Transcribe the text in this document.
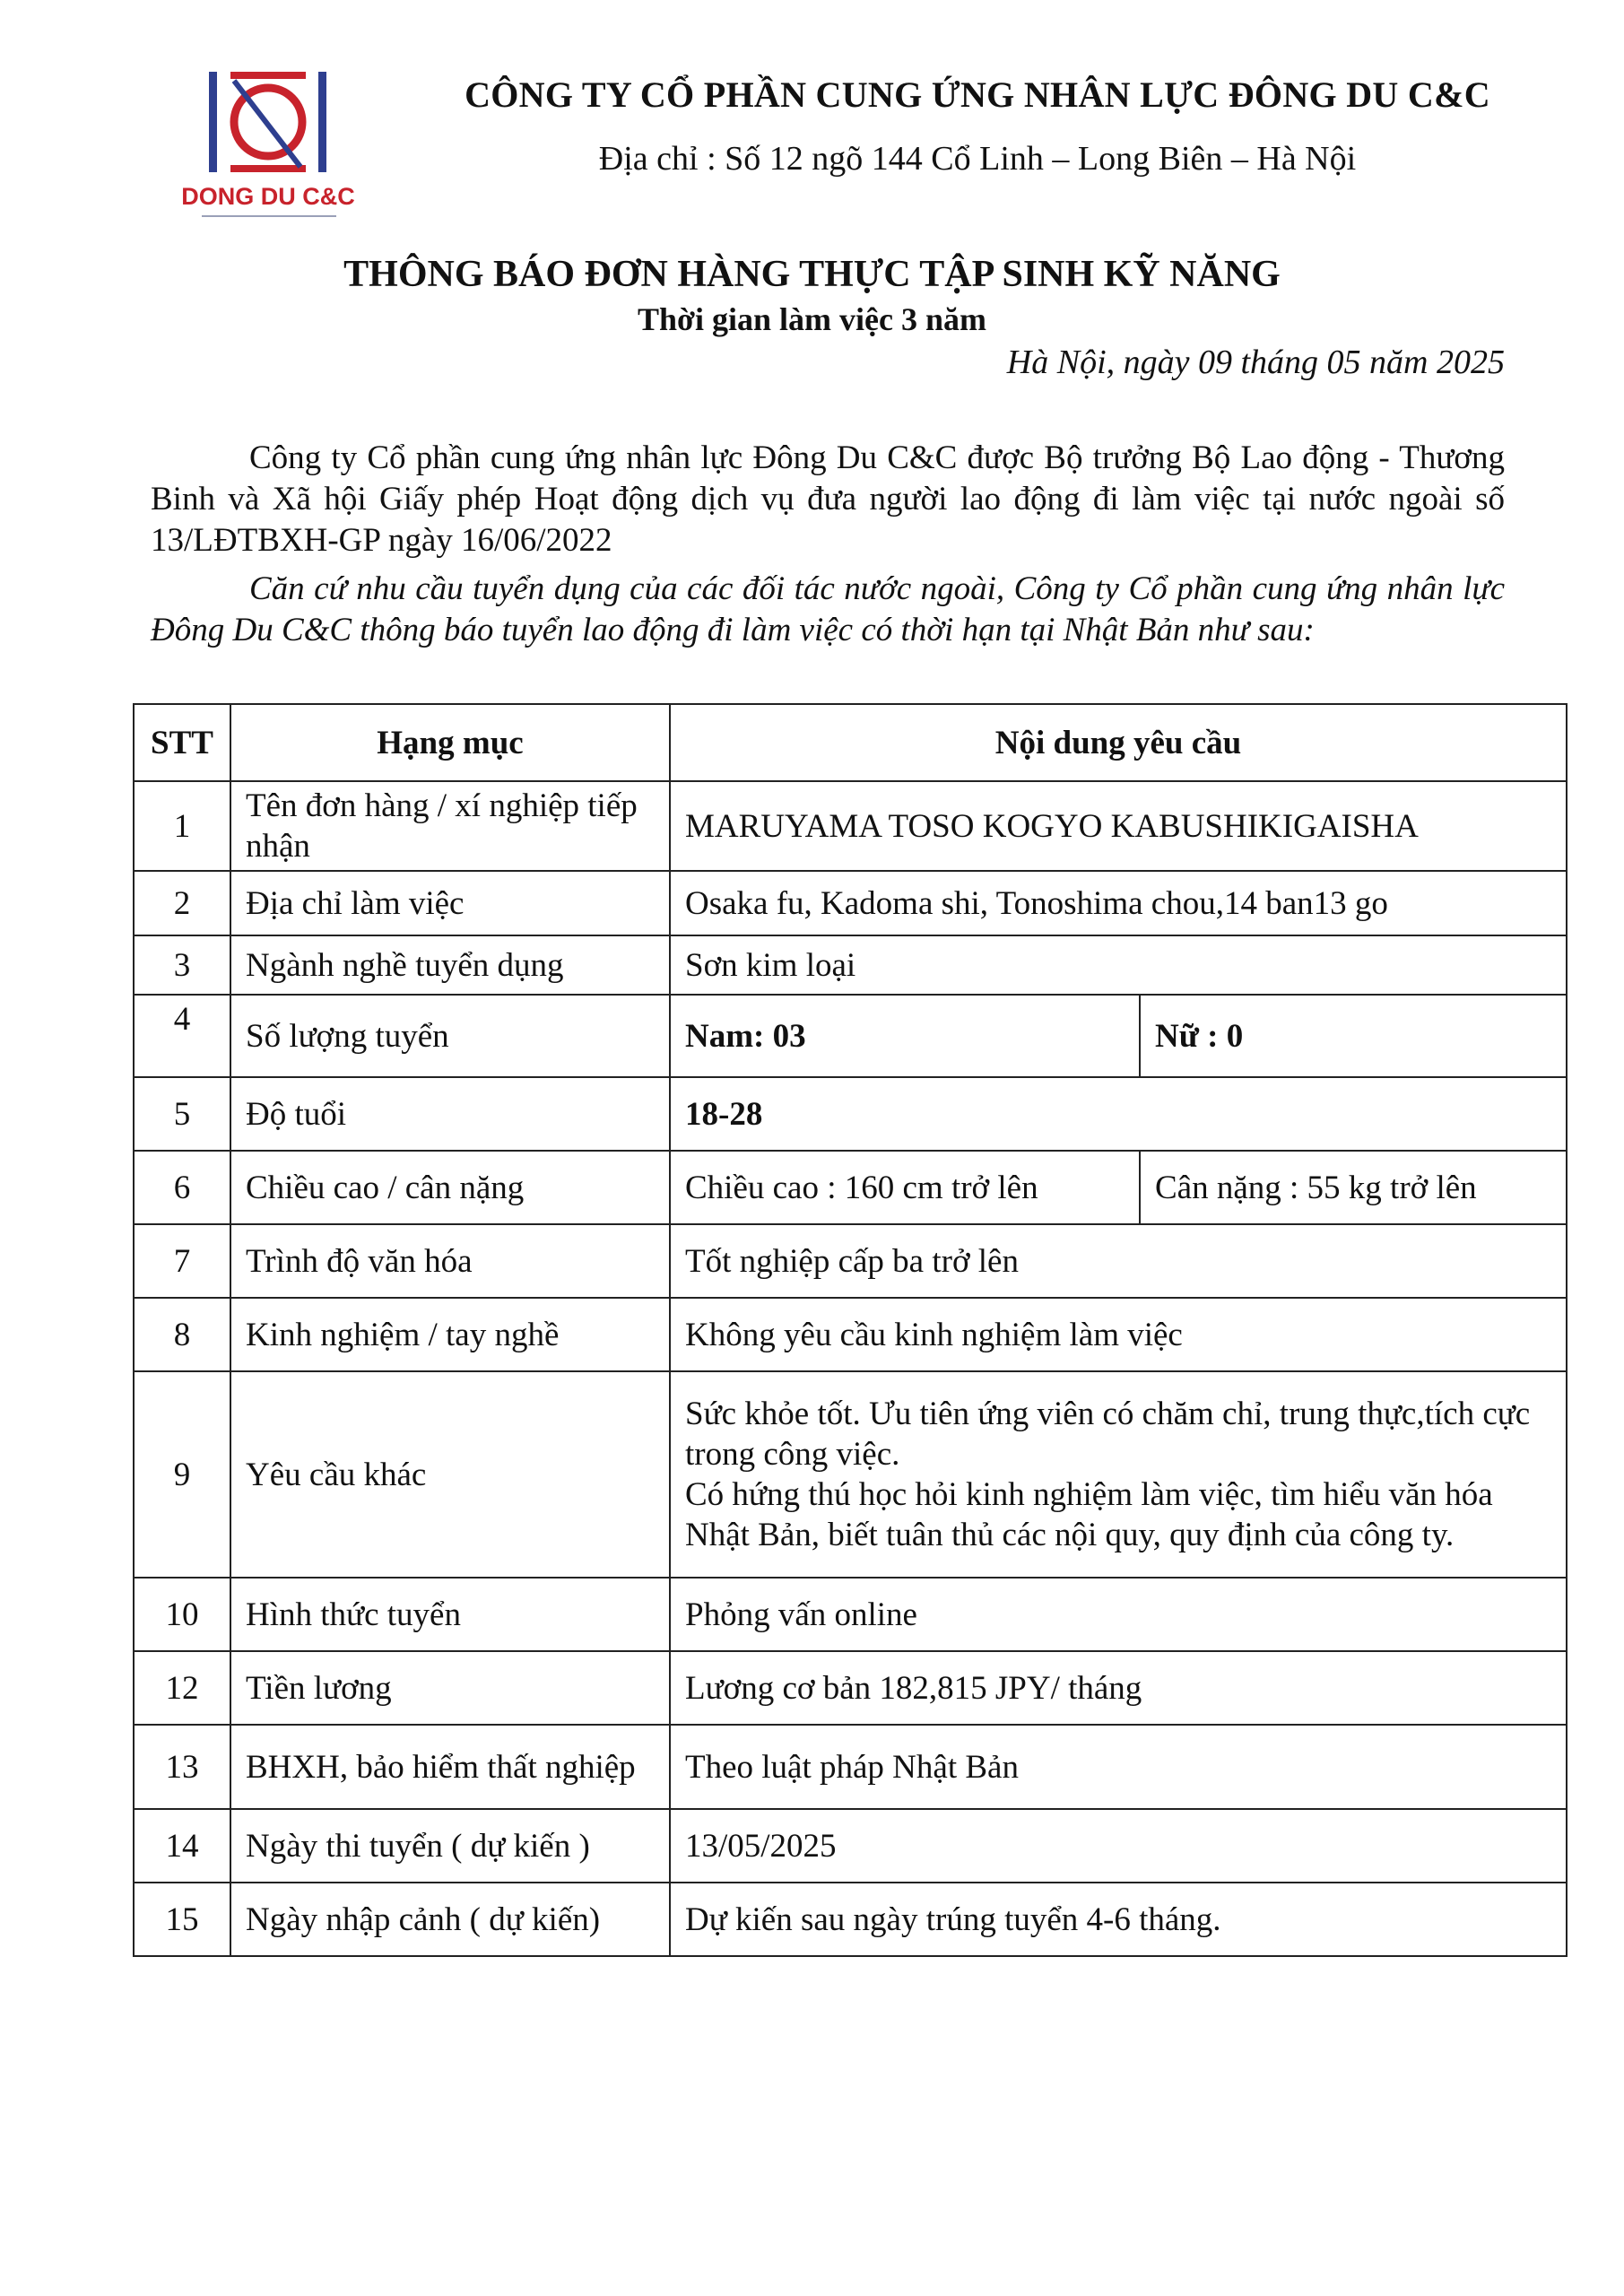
DONG DU C&C
CÔNG TY CỔ PHẦN CUNG ỨNG NHÂN LỰC ĐÔNG DU C&C
Địa chỉ : Số 12 ngõ 144 Cổ Linh – Long Biên – Hà Nội
THÔNG BÁO ĐƠN HÀNG THỰC TẬP SINH KỸ NĂNG
Thời gian làm việc 3 năm
Hà Nội, ngày 09 tháng 05 năm 2025
Công ty Cổ phần cung ứng nhân lực Đông Du C&C được Bộ trưởng Bộ Lao động - Thương Binh và Xã hội Giấy phép Hoạt động dịch vụ đưa người lao động đi làm việc tại nước ngoài số 13/LĐTBXH-GP ngày 16/06/2022
Căn cứ nhu cầu tuyển dụng của các đối tác nước ngoài, Công ty Cổ phần cung ứng nhân lực Đông Du C&C thông báo tuyển lao động đi làm việc có thời hạn tại Nhật Bản như sau:
STT	Hạng mục	Nội dung yêu cầu	
1	Tên đơn hàng / xí nghiệp tiếp nhận	MARUYAMA TOSO KOGYO KABUSHIKIGAISHA	
2	Địa chỉ làm việc	Osaka fu, Kadoma shi, Tonoshima chou,14 ban13 go	
3	Ngành nghề tuyển dụng	Sơn kim loại	
4	Số lượng tuyển	Nam: 03	Nữ : 0
5	Độ tuổi	18-28	
6	Chiều cao / cân nặng	Chiều cao : 160 cm trở lên	Cân nặng : 55 kg trở lên
7	Trình độ văn hóa	Tốt nghiệp cấp ba trở lên	
8	Kinh nghiệm / tay nghề	Không yêu cầu kinh nghiệm làm việc	
9	Yêu cầu khác	Sức khỏe tốt. Ưu tiên ứng viên có chăm chỉ, trung thực,tích cực trong công việc.
Có hứng thú học hỏi kinh nghiệm làm việc, tìm hiểu văn hóa Nhật Bản, biết tuân thủ các nội quy, quy định của công ty.	

10	Hình thức tuyển	Phỏng vấn online	
12	Tiền lương	Lương cơ bản 182,815 JPY/ tháng	
13	BHXH, bảo hiểm thất nghiệp	Theo luật pháp Nhật Bản	
14	Ngày thi tuyển ( dự kiến )	13/05/2025	
15	Ngày nhập cảnh ( dự kiến)	Dự kiến sau ngày trúng tuyển 4-6 tháng.	
